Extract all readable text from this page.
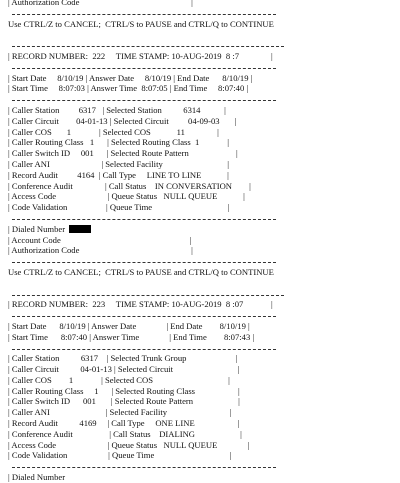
| Authorization Code                                                    |
Use CTRL/Z to CANCEL;  CTRL/S to PAUSE and CTRL/Q to CONTINUE
| RECORD NUMBER:  222     TIME STAMP: 10-AUG-2019  8 :7	|
| Start Date     8/10/19 | Answer Date     8/10/19 | End Date      8/10/19 |
| Start Time     8:07:03 | Answer Time  8:07:05 | End Time     8:07:40 |
| Caller Station         6317   | Selected Station          6314           |
| Caller Circuit        04-01-13 | Selected Circuit         04-09-03       |
| Caller COS       1             | Selected COS            11               |
| Caller Routing Class   1      | Selected Routing Class  1             |
| Caller Switch ID     001      | Selected Route Pattern                      |
| Caller ANI                        | Selected Facility                              |
| Record Audit         4164  | Call Type     LINE TO LINE            |
| Conference Audit               | Call Status    IN CONVERSATION        |
| Access Code                        | Queue Status   NULL QUEUE            |
| Code Validation                  | Queue Time                                   |
| Dialed Number
| Account Code                                                            |
| Authorization Code                                                    |
Use CTRL/Z to CANCEL;  CTRL/S to PAUSE and CTRL/Q to CONTINUE
| RECORD NUMBER:  223     TIME STAMP: 10-AUG-2019  8 :07	|
| Start Date      8/10/19 | Answer Date              | End Date        8/10/19 |
| Start Time      8:07:40 | Answer Time              | End Time        8:07:43 |
| Caller Station          6317    | Selected Trunk Group                       |
| Caller Circuit          04-01-13 | Selected Circuit                              |
| Caller COS        1             | Selected COS                                   |
| Caller Routing Class     1      | Selected Routing Class                    |
| Caller Switch ID      001       | Selected Route Pattern                     |
| Caller ANI                          | Selected Facility                             |
| Record Audit          4169     | Call Type     ONE LINE                    |
| Conference Audit                 | Call Status    DIALING                     |
| Access Code                        | Queue Status   NULL QUEUE              |
| Code Validation                   | Queue Time                                   |
| Dialed Number
